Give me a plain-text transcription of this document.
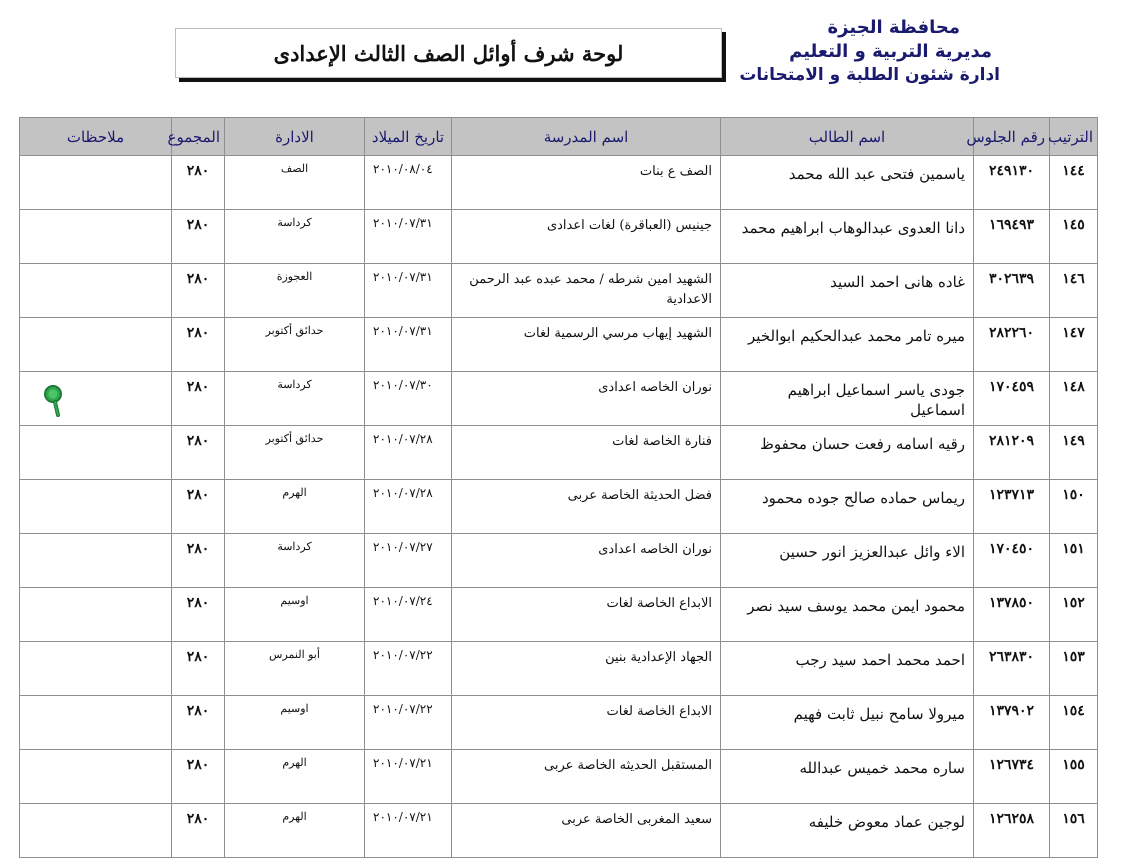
محافظة الجيزة
مديرية التربية و التعليم
ادارة شئون الطلبة و الامتحانات
لوحة شرف أوائل الصف الثالث الإعدادى
الترتيب	رقم الجلوس	اسم الطالب	اسم المدرسة	تاريخ الميلاد	الادارة	المجموع	ملاحظات
١٤٤	٢٤٩١٣٠	ياسمين فتحى عبد الله محمد	الصف ع بنات	٢٠١٠/٠٨/٠٤	الصف	٢٨٠	
١٤٥	١٦٩٤٩٣	دانا العدوى عبدالوهاب ابراهيم محمد	جينيس (العباقرة) لغات اعدادى	٢٠١٠/٠٧/٣١	كرداسة	٢٨٠	
١٤٦	٣٠٢٦٣٩	غاده هانى احمد السيد	الشهيد امين شرطه / محمد عبده عبد الرحمن الاعدادية	٢٠١٠/٠٧/٣١	العجوزة	٢٨٠	
١٤٧	٢٨٢٢٦٠	ميره تامر محمد عبدالحكيم ابوالخير	الشهيد إيهاب مرسي الرسمية لغات	٢٠١٠/٠٧/٣١	حدائق أكتوبر	٢٨٠	
١٤٨	١٧٠٤٥٩	جودى ياسر اسماعيل ابراهيم اسماعيل	نوران الخاصه اعدادى	٢٠١٠/٠٧/٣٠	كرداسة	٢٨٠	
١٤٩	٢٨١٢٠٩	رقيه اسامه رفعت حسان محفوظ	فنارة الخاصة لغات	٢٠١٠/٠٧/٢٨	حدائق أكتوبر	٢٨٠	
١٥٠	١٢٣٧١٣	ريماس حماده صالح جوده محمود	فضل الحديثة الخاصة عربى	٢٠١٠/٠٧/٢٨	الهرم	٢٨٠	
١٥١	١٧٠٤٥٠	الاء وائل عبدالعزيز انور حسين	نوران الخاصه اعدادى	٢٠١٠/٠٧/٢٧	كرداسة	٢٨٠	
١٥٢	١٣٧٨٥٠	محمود ايمن محمد يوسف سيد نصر	الابداع الخاصة لغات	٢٠١٠/٠٧/٢٤	اوسيم	٢٨٠	
١٥٣	٢٦٣٨٣٠	احمد محمد احمد سيد رجب	الجهاد الإعدادية بنين	٢٠١٠/٠٧/٢٢	أبو النمرس	٢٨٠	
١٥٤	١٣٧٩٠٢	ميرولا سامح نبيل ثابت فهيم	الابداع الخاصة لغات	٢٠١٠/٠٧/٢٢	اوسيم	٢٨٠	
١٥٥	١٢٦٧٣٤	ساره محمد خميس عبدالله	المستقبل الحديثه الخاصة عربى	٢٠١٠/٠٧/٢١	الهرم	٢٨٠	
١٥٦	١٢٦٢٥٨	لوجين عماد معوض خليفه	سعيد المغربى الخاصة عربى	٢٠١٠/٠٧/٢١	الهرم	٢٨٠	
